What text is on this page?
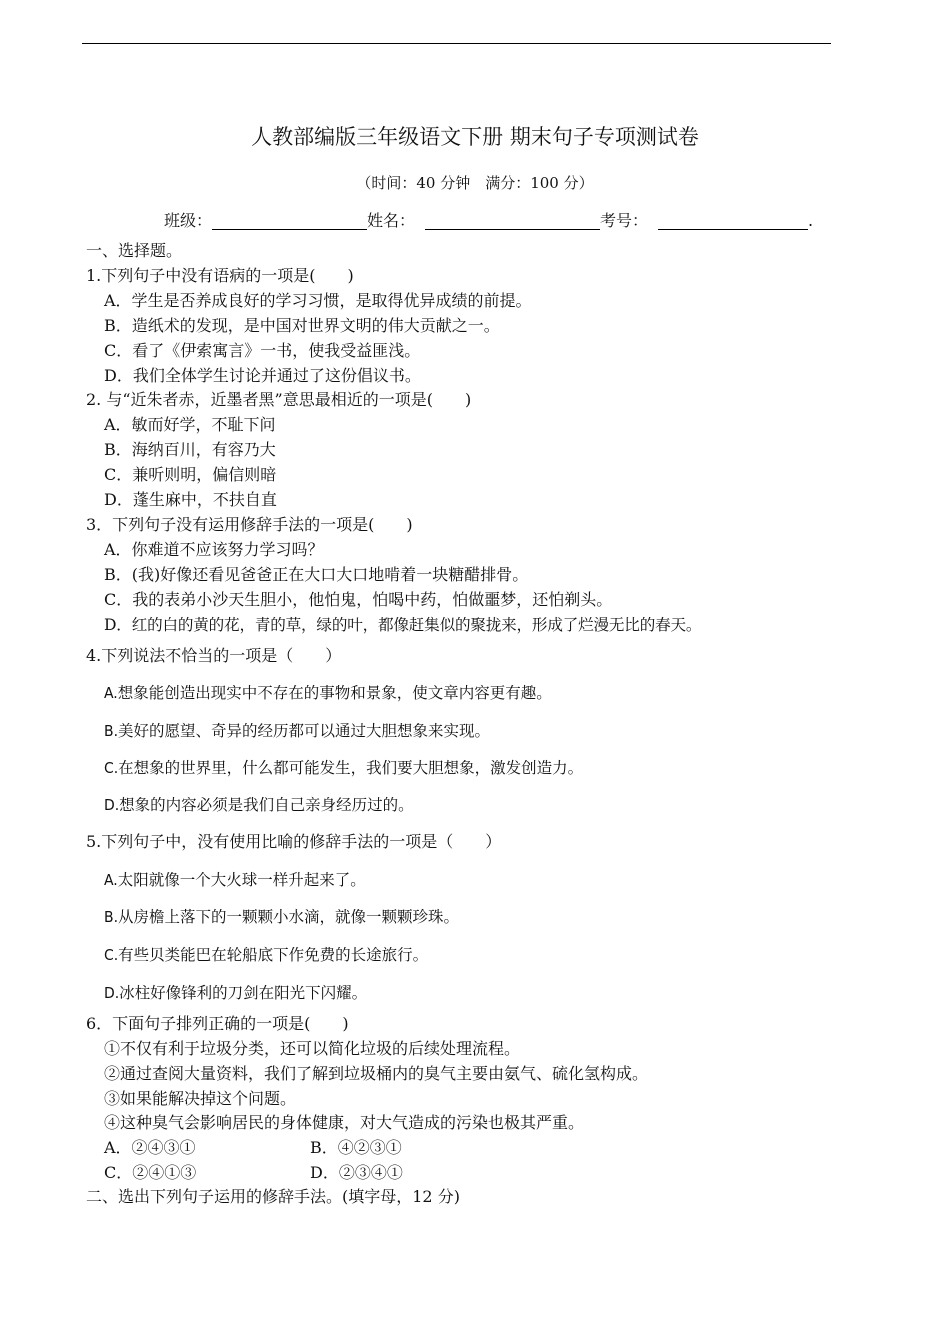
人教部编版三年级语文下册 期末句子专项测试卷
（时间：40 分钟　满分：100 分）
班级：	姓名：	考号：	.
一、选择题。
1.下列句子中没有语病的一项是(　　)
A．学生是否养成良好的学习习惯，是取得优异成绩的前提。
B．造纸术的发现，是中国对世界文明的伟大贡献之一。
C．看了《伊索寓言》一书，使我受益匪浅。
D．我们全体学生讨论并通过了这份倡议书。
2. 与“近朱者赤，近墨者黑”意思最相近的一项是(　　)
A．敏而好学，不耻下问
B．海纳百川，有容乃大
C．兼听则明，偏信则暗
D．蓬生麻中，不扶自直
3．下列句子没有运用修辞手法的一项是(　　)
A．你难道不应该努力学习吗？
B．(我)好像还看见爸爸正在大口大口地啃着一块糖醋排骨。
C．我的表弟小沙天生胆小，他怕鬼，怕喝中药，怕做噩梦，还怕剃头。
D．红的白的黄的花，青的草，绿的叶，都像赶集似的聚拢来，形成了烂漫无比的春天。
4.下列说法不恰当的一项是（　　）
A.想象能创造出现实中不存在的事物和景象，使文章内容更有趣。
B.美好的愿望、奇异的经历都可以通过大胆想象来实现。
C.在想象的世界里，什么都可能发生，我们要大胆想象，激发创造力。
D.想象的内容必须是我们自己亲身经历过的。
5.下列句子中，没有使用比喻的修辞手法的一项是（　　）
A.太阳就像一个大火球一样升起来了。
B.从房檐上落下的一颗颗小水滴，就像一颗颗珍珠。
C.有些贝类能巴在轮船底下作免费的长途旅行。
D.冰柱好像锋利的刀剑在阳光下闪耀。
6．下面句子排列正确的一项是(　　)
①不仅有利于垃圾分类，还可以简化垃圾的后续处理流程。
②通过查阅大量资料，我们了解到垃圾桶内的臭气主要由氨气、硫化氢构成。
③如果能解决掉这个问题。
④这种臭气会影响居民的身体健康，对大气造成的污染也极其严重。
A．②④③①	B．④②③①
C．②④①③	D．②③④①
二、选出下列句子运用的修辞手法。(填字母，12 分)
